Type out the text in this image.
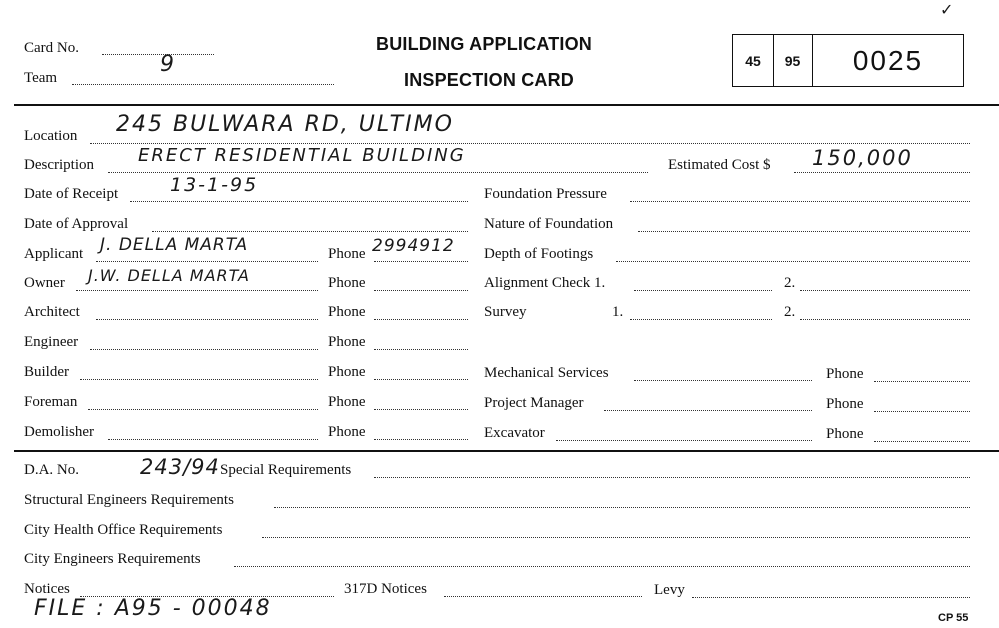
✓
Card No.
Team
9
BUILDING APPLICATION
INSPECTION CARD
45	95	0025
Location 245 BULWARA RD, ULTIMO
Description ERECT RESIDENTIAL BUILDING	Estimated Cost $ 150,000
Date of Receipt	13-1-95	Foundation Pressure
Date of Approval	Nature of Foundation
Applicant J. DELLA MARTA	Phone 2994912 Depth of Footings
Owner J.W. DELLA MARTA	Phone	Alignment Check 1.	2.
Architect	Phone	Survey	1.	2.
Engineer	Phone
Builder	Phone	Mechanical Services	Phone
Foreman	Phone	Project Manager	Phone
Demolisher	Phone	Excavator	Phone
D.A. No.	243/94 Special Requirements
Structural Engineers Requirements
City Health Office Requirements
City Engineers Requirements
Notices	317D Notices	Levy
FILE : A95 - 00048	CP 55
